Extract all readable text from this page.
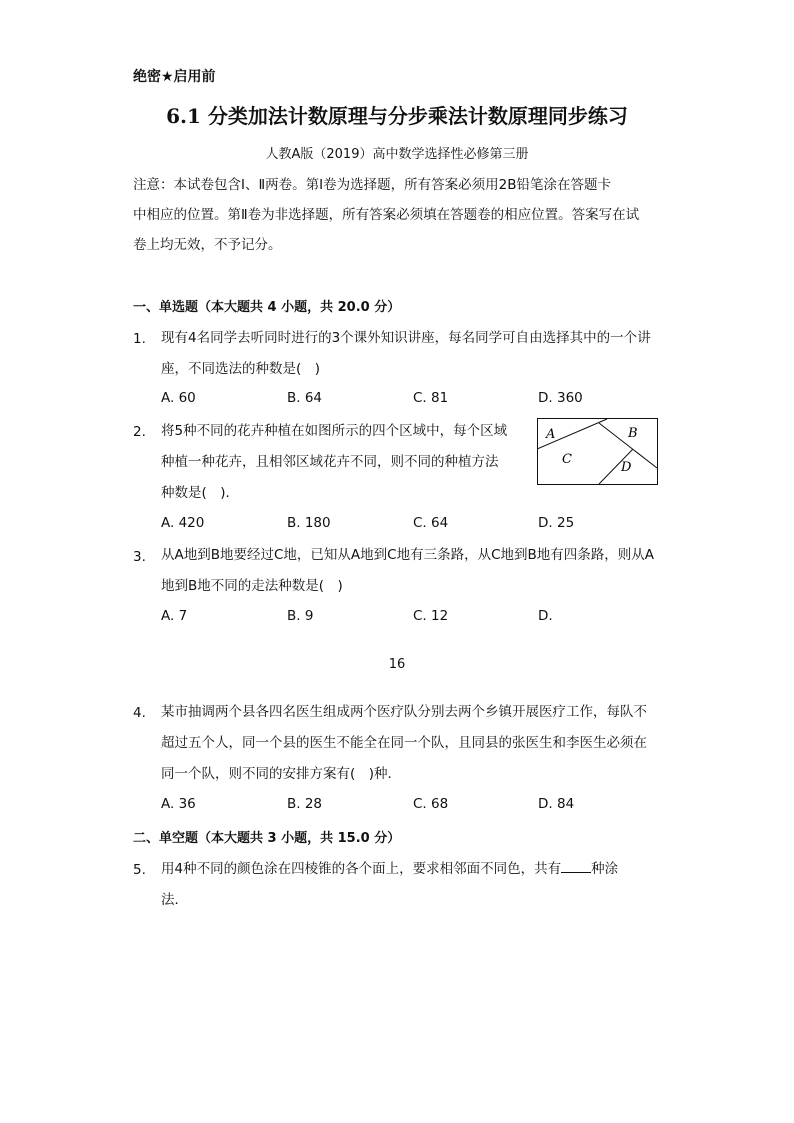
绝密★启用前
6.1 分类加法计数原理与分步乘法计数原理同步练习
人教A版（2019）高中数学选择性必修第三册
注意：本试卷包含Ⅰ、Ⅱ两卷。第Ⅰ卷为选择题，所有答案必须用2B铅笔涂在答题卡
中相应的位置。第Ⅱ卷为非选择题，所有答案必须填在答题卷的相应位置。答案写在试
卷上均无效，不予记分。
一、单选题（本大题共 4 小题，共 20.0 分）
1. 现有4名同学去听同时进行的3个课外知识讲座，每名同学可自由选择其中的一个讲
座，不同选法的种数是(　)
A. 60	B. 64	C. 81	D. 360
2. 将5种不同的花卉种植在如图所示的四个区域中，每个区域
种植一种花卉，且相邻区域花卉不同，则不同的种植方法
种数是(　)．
A	B
C
D
A. 420	B. 180	C. 64	D. 25
3. 从A地到B地要经过C地，已知从A地到C地有三条路，从C地到B地有四条路，则从A
地到B地不同的走法种数是(　)
A. 7	B. 9	C. 12	D.
16
4. 某市抽调两个县各四名医生组成两个医疗队分别去两个乡镇开展医疗工作，每队不
超过五个人，同一个县的医生不能全在同一个队，且同县的张医生和李医生必须在
同一个队，则不同的安排方案有(　)种．
A. 36	B. 28	C. 68	D. 84
二、单空题（本大题共 3 小题，共 15.0 分）
5. 用4种不同的颜色涂在四棱锥的各个面上，要求相邻面不同色，共有 种涂
法．
